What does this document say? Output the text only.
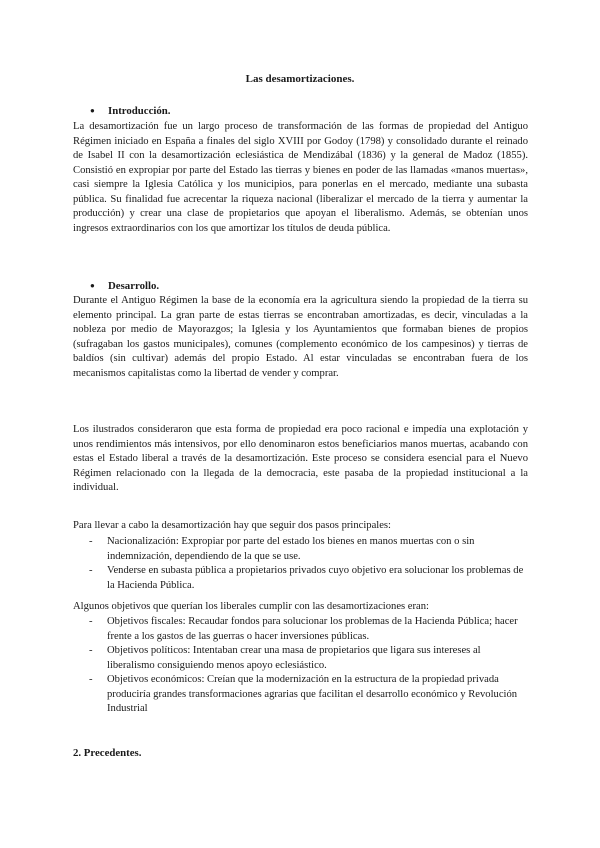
Las desamortizaciones.
● Introducción.

La desamortización fue un largo proceso de transformación de las formas de propiedad del Antiguo Régimen iniciado en España a finales del siglo XVIII por Godoy (1798) y consolidado durante el reinado de Isabel II con la desamortización eclesiástica de Mendizábal (1836) y la general de Madoz (1855). Consistió en expropiar por parte del Estado las tierras y bienes en poder de las llamadas «manos muertas», casi siempre la Iglesia Católica y los municipios, para ponerlas en el mercado, mediante una subasta pública. Su finalidad fue acrecentar la riqueza nacional (liberalizar el mercado de la tierra y aumentar la producción) y crear una clase de propietarios que apoyan el liberalismo. Además, se obtenían unos ingresos extraordinarios con los que amortizar los títulos de deuda pública.

● Desarrollo.

Durante el Antiguo Régimen la base de la economía era la agricultura siendo la propiedad de la tierra su elemento principal. La gran parte de estas tierras se encontraban amortizadas, es decir, vinculadas a la nobleza por medio de Mayorazgos; la Iglesia y los Ayuntamientos que formaban bienes de propios (sufragaban los gastos municipales), comunes (complemento económico de los campesinos) y tierras de baldíos (sin cultivar) además del propio Estado. Al estar vinculadas se encontraban fuera de los mecanismos capitalistas como la libertad de vender y comprar.

Los ilustrados consideraron que esta forma de propiedad era poco racional e impedía una explotación y unos rendimientos más intensivos, por ello denominaron estos beneficiarios manos muertas, acabando con estas el Estado liberal a través de la desamortización. Este proceso se considera esencial para el Nuevo Régimen relacionado con la llegada de la democracia, este pasaba de la propiedad institucional a la individual.

Para llevar a cabo la desamortización hay que seguir dos pasos principales:

- Nacionalización: Expropiar por parte del estado los bienes en manos muertas con o sin indemnización, dependiendo de la que se use.
- Venderse en subasta pública a propietarios privados cuyo objetivo era solucionar los problemas de la Hacienda Pública.

Algunos objetivos que querían los liberales cumplir con las desamortizaciones eran:

- Objetivos fiscales: Recaudar fondos para solucionar los problemas de la Hacienda Pública; hacer frente a los gastos de las guerras o hacer inversiones públicas.
- Objetivos políticos: Intentaban crear una masa de propietarios que ligara sus intereses al liberalismo consiguiendo menos apoyo eclesiástico.
- Objetivos económicos: Creían que la modernización en la estructura de la propiedad privada produciría grandes transformaciones agrarias que facilitan el desarrollo económico y Revolución Industrial
2. Precedentes.
